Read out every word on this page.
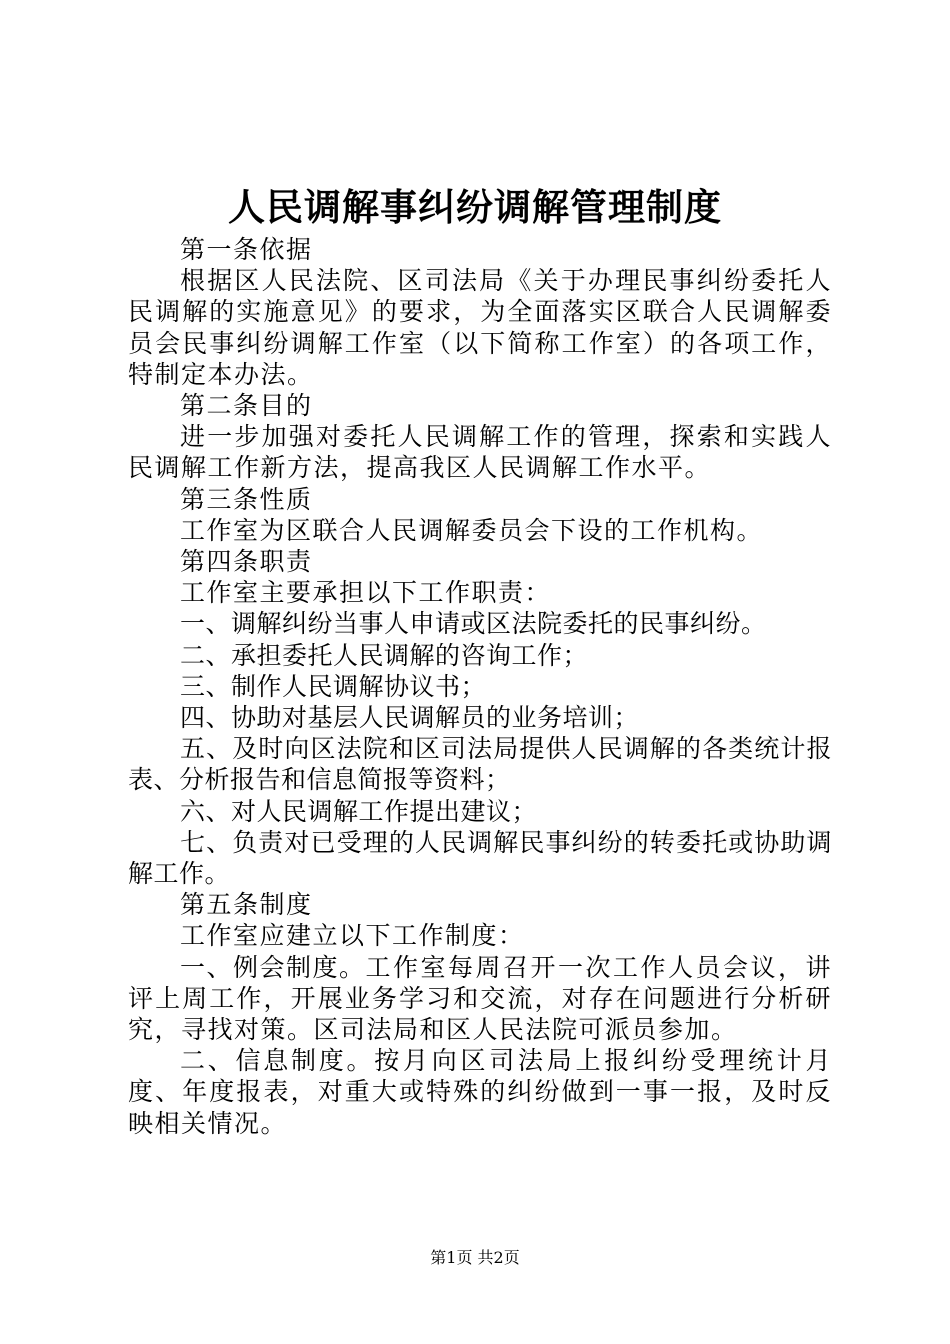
人民调解事纠纷调解管理制度

第一条依据

根据区人民法院、区司法局《关于办理民事纠纷委托人民调解的实施意见》的要求，为全面落实区联合人民调解委员会民事纠纷调解工作室（以下简称工作室）的各项工作，特制定本办法。

第二条目的

进一步加强对委托人民调解工作的管理，探索和实践人民调解工作新方法，提高我区人民调解工作水平。

第三条性质

工作室为区联合人民调解委员会下设的工作机构。

第四条职责

工作室主要承担以下工作职责：

一、调解纠纷当事人申请或区法院委托的民事纠纷。

二、承担委托人民调解的咨询工作；

三、制作人民调解协议书；

四、协助对基层人民调解员的业务培训；

五、及时向区法院和区司法局提供人民调解的各类统计报表、分析报告和信息简报等资料；

六、对人民调解工作提出建议；

七、负责对已受理的人民调解民事纠纷的转委托或协助调解工作。

第五条制度

工作室应建立以下工作制度：

一、例会制度。工作室每周召开一次工作人员会议，讲评上周工作，开展业务学习和交流，对存在问题进行分析研究，寻找对策。区司法局和区人民法院可派员参加。

二、信息制度。按月向区司法局上报纠纷受理统计月度、年度报表，对重大或特殊的纠纷做到一事一报，及时反映相关情况。

第1页 共2页
